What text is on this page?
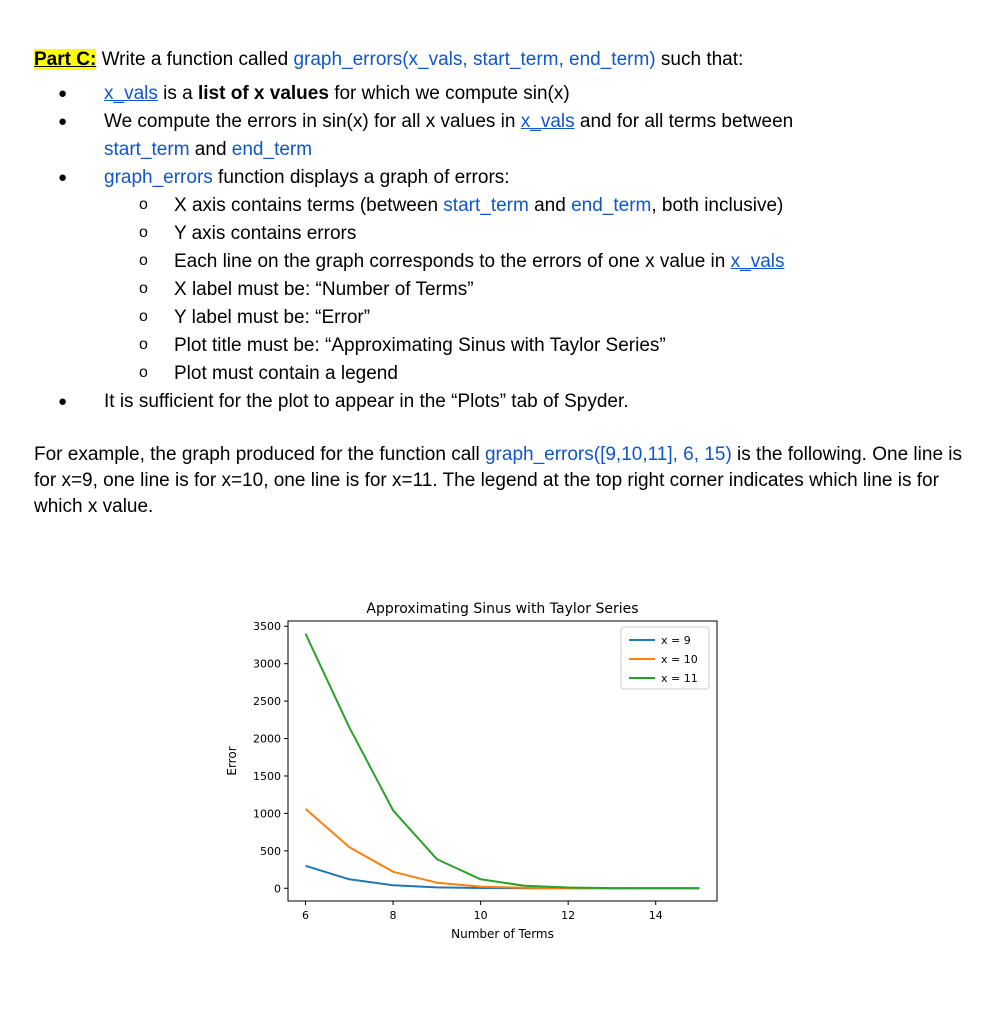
Part C: Write a function called graph_errors(x_vals, start_term, end_term) such that:
● x_vals is a list of x values for which we compute sin(x)
● We compute the errors in sin(x) for all x values in x_vals and for all terms between
start_term and end_term
● graph_errors function displays a graph of errors:
o	X axis contains terms (between start_term and end_term, both inclusive)
o	Y axis contains errors
o	Each line on the graph corresponds to the errors of one x value in x_vals
o	X label must be: “Number of Terms”
o	Y label must be: “Error”
o	Plot title must be: “Approximating Sinus with Taylor Series”
o	Plot must contain a legend
● It is sufficient for the plot to appear in the “Plots” tab of Spyder.
For example, the graph produced for the function call graph_errors([9,10,11], 6, 15) is the following. One line is for x=9, one line is for x=10, one line is for x=11. The legend at the top right corner indicates which line is for which x value.
0
500
1000
1500
2000
2500
3000
3500
6	8	10	12	14
Approximating Sinus with Taylor Series
Number of Terms
Error
x = 9
x = 10
x = 11
